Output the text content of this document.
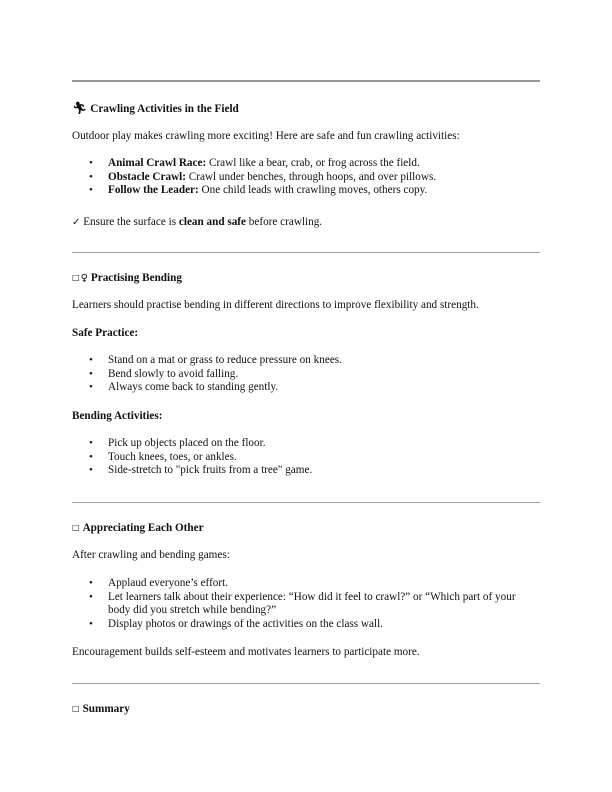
🏃︎ Crawling Activities in the Field

Outdoor play makes crawling more exciting! Here are safe and fun crawling activities:

• Animal Crawl Race: Crawl like a bear, crab, or frog across the field.
• Obstacle Crawl: Crawl under benches, through hoops, and over pillows.
• Follow the Leader: One child leads with crawling moves, others copy.

✓ Ensure the surface is clean and safe before crawling.

□♀ Practising Bending

Learners should practise bending in different directions to improve flexibility and strength.

Safe Practice:

• Stand on a mat or grass to reduce pressure on knees.
• Bend slowly to avoid falling.
• Always come back to standing gently.

Bending Activities:

• Pick up objects placed on the floor.
• Touch knees, toes, or ankles.
• Side-stretch to "pick fruits from a tree" game.
□ Appreciating Each Other

After crawling and bending games:

• Applaud everyone’s effort.
• Let learners talk about their experience: “How did it feel to crawl?” or “Which part of your body did you stretch while bending?”
• Display photos or drawings of the activities on the class wall.

Encouragement builds self-esteem and motivates learners to participate more.

□ Summary
